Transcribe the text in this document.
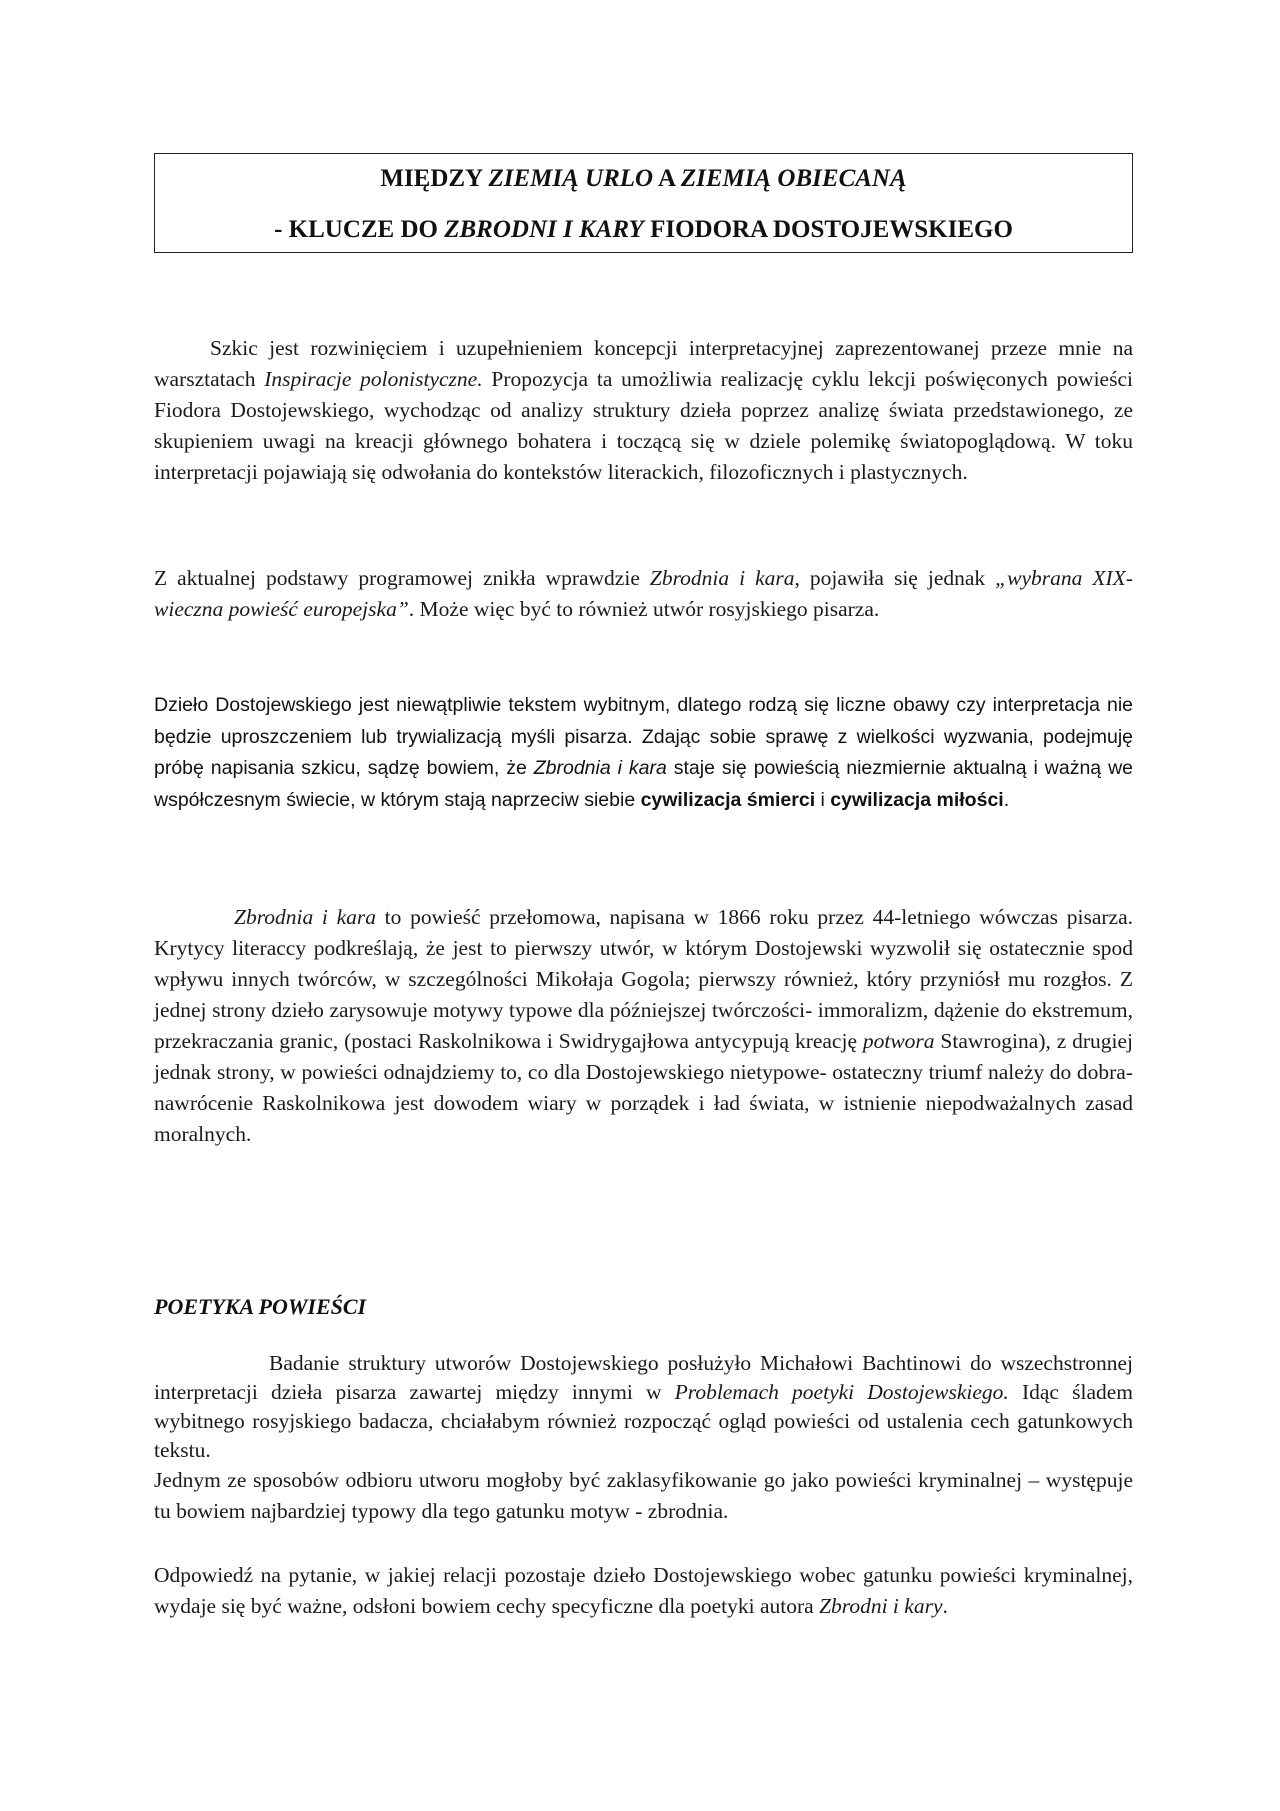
MIĘDZY ZIEMIĄ URLO A ZIEMIĄ OBIECANĄ
- KLUCZE DO ZBRODNI I KARY FIODORA DOSTOJEWSKIEGO
Szkic jest rozwinięciem i uzupełnieniem koncepcji interpretacyjnej zaprezentowanej przeze mnie na warsztatach Inspiracje polonistyczne. Propozycja ta umożliwia realizację cyklu lekcji poświęconych powieści Fiodora Dostojewskiego, wychodząc od analizy struktury dzieła poprzez analizę świata przedstawionego, ze skupieniem uwagi na kreacji głównego bohatera i toczącą się w dziele polemikę światopoglądową. W toku interpretacji pojawiają się odwołania do kontekstów literackich, filozoficznych i plastycznych.
Z aktualnej podstawy programowej znikła wprawdzie Zbrodnia i kara, pojawiła się jednak „wybrana XIX- wieczna powieść europejska”. Może więc być to również utwór rosyjskiego pisarza.
Dzieło Dostojewskiego jest niewątpliwie tekstem wybitnym, dlatego rodzą się liczne obawy czy interpretacja nie będzie uproszczeniem lub trywializacją myśli pisarza. Zdając sobie sprawę z wielkości wyzwania, podejmuję próbę napisania szkicu, sądzę bowiem, że Zbrodnia i kara staje się powieścią niezmiernie aktualną i ważną we współczesnym świecie, w którym stają naprzeciw siebie cywilizacja śmierci i cywilizacja miłości.
Zbrodnia i kara to powieść przełomowa, napisana w 1866 roku przez 44-letniego wówczas pisarza. Krytycy literaccy podkreślają, że jest to pierwszy utwór, w którym Dostojewski wyzwolił się ostatecznie spod wpływu innych twórców, w szczególności Mikołaja Gogola; pierwszy również, który przyniósł mu rozgłos. Z jednej strony dzieło zarysowuje motywy typowe dla późniejszej twórczości- immoralizm, dążenie do ekstremum, przekraczania granic, (postaci Raskolnikowa i Swidrygajłowa antycypują kreację potwora Stawrogina), z drugiej jednak strony, w powieści odnajdziemy to, co dla Dostojewskiego nietypowe- ostateczny triumf należy do dobra- nawrócenie Raskolnikowa jest dowodem wiary w porządek i ład świata, w istnienie niepodważalnych zasad moralnych.
POETYKA POWIEŚCI
Badanie struktury utworów Dostojewskiego posłużyło Michałowi Bachtinowi do wszechstronnej interpretacji dzieła pisarza zawartej między innymi w Problemach poetyki Dostojewskiego. Idąc śladem wybitnego rosyjskiego badacza, chciałabym również rozpocząć ogląd powieści od ustalenia cech gatunkowych tekstu.
Jednym ze sposobów odbioru utworu mogłoby być zaklasyfikowanie go jako powieści kryminalnej – występuje tu bowiem najbardziej typowy dla tego gatunku motyw - zbrodnia.
Odpowiedź na pytanie, w jakiej relacji pozostaje dzieło Dostojewskiego wobec gatunku powieści kryminalnej, wydaje się być ważne, odsłoni bowiem cechy specyficzne dla poetyki autora Zbrodni i kary.
